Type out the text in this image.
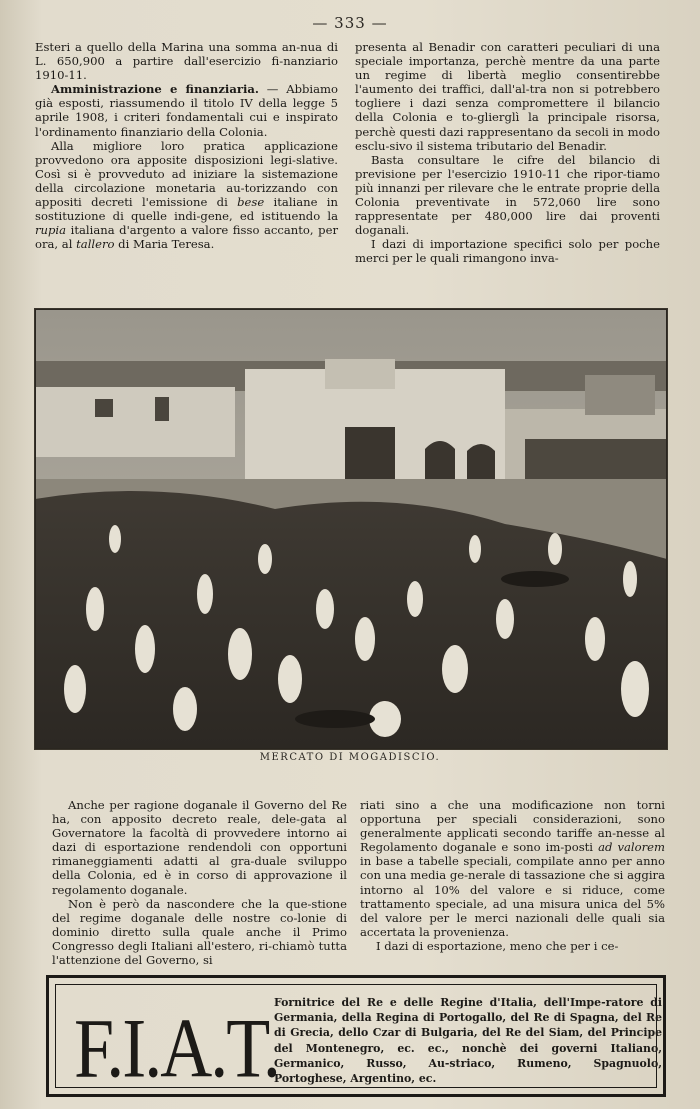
— 333 —

Esteri a quello della Marina una somma an-nua di L. 650,900 a partire dall'esercizio fi-nanziario 1910-11.

Amministrazione e finanziaria. — Abbiamo già esposti, riassumendo il titolo IV della legge 5 aprile 1908, i criteri fondamentali cui e inspirato l'ordinamento finanziario della Colonia.

Alla migliore loro pratica applicazione provvedono ora apposite disposizioni legi-slative. Così si è provveduto ad iniziare la sistemazione della circolazione monetaria au-torizzando con appositi decreti l'emissione di bese italiane in sostituzione di quelle indi-gene, ed istituendo la rupia italiana d'argento a valore fisso accanto, per ora, al tallero di Maria Teresa.

presenta al Benadir con caratteri peculiari di una speciale importanza, perchè mentre da una parte un regime di libertà meglio consentirebbe l'aumento dei traffici, dall'al-tra non si potrebbero togliere i dazi senza compromettere il bilancio della Colonia e to-glierglì la principale risorsa, perchè questi dazi rappresentano da secoli in modo esclu-sivo il sistema tributario del Benadir.

Basta consultare le cifre del bilancio di previsione per l'esercizio 1910-11 che ripor-tiamo più innanzi per rilevare che le entrate proprie della Colonia preventivate in 572,060 lire sono rappresentate per 480,000 lire dai proventi doganali.

I dazi di importazione specifici solo per poche merci per le quali rimangono inva-

MERCATO DI MOGADISCIO.

Anche per ragione doganale il Governo del Re ha, con apposito decreto reale, dele-gata al Governatore la facoltà di provvedere intorno ai dazi di esportazione rendendoli con opportuni rimaneggiamenti adatti al gra-duale sviluppo della Colonia, ed è in corso di approvazione il regolamento doganale.

Non è però da nascondere che la que-stione del regime doganale delle nostre co-lonie di dominio diretto sulla quale anche il Primo Congresso degli Italiani all'estero, ri-chiamò tutta l'attenzione del Governo, si

riati sino a che una modificazione non torni opportuna per speciali considerazioni, sono generalmente applicati secondo tariffe an-nesse al Regolamento doganale e sono im-posti ad valorem in base a tabelle speciali, compilate anno per anno con una media ge-nerale di tassazione che si aggira intorno al 10% del valore e si riduce, come trattamento speciale, ad una misura unica del 5% del valore per le merci nazionali delle quali sia accertata la provenienza.

I dazi di esportazione, meno che per i ce-

F.I.A.T.
Fornitrice del Re e delle Regine d'Italia, dell'Impe-ratore di Germania, della Regina di Portogallo, del Re di Spagna, del Re di Grecia, dello Czar di Bulgaria, del Re del Siam, del Principe del Montenegro, ec. ec., nonchè dei governi Italiano, Germanico, Russo, Au-striaco, Rumeno, Spagnuolo, Portoghese, Argentino, ec.
